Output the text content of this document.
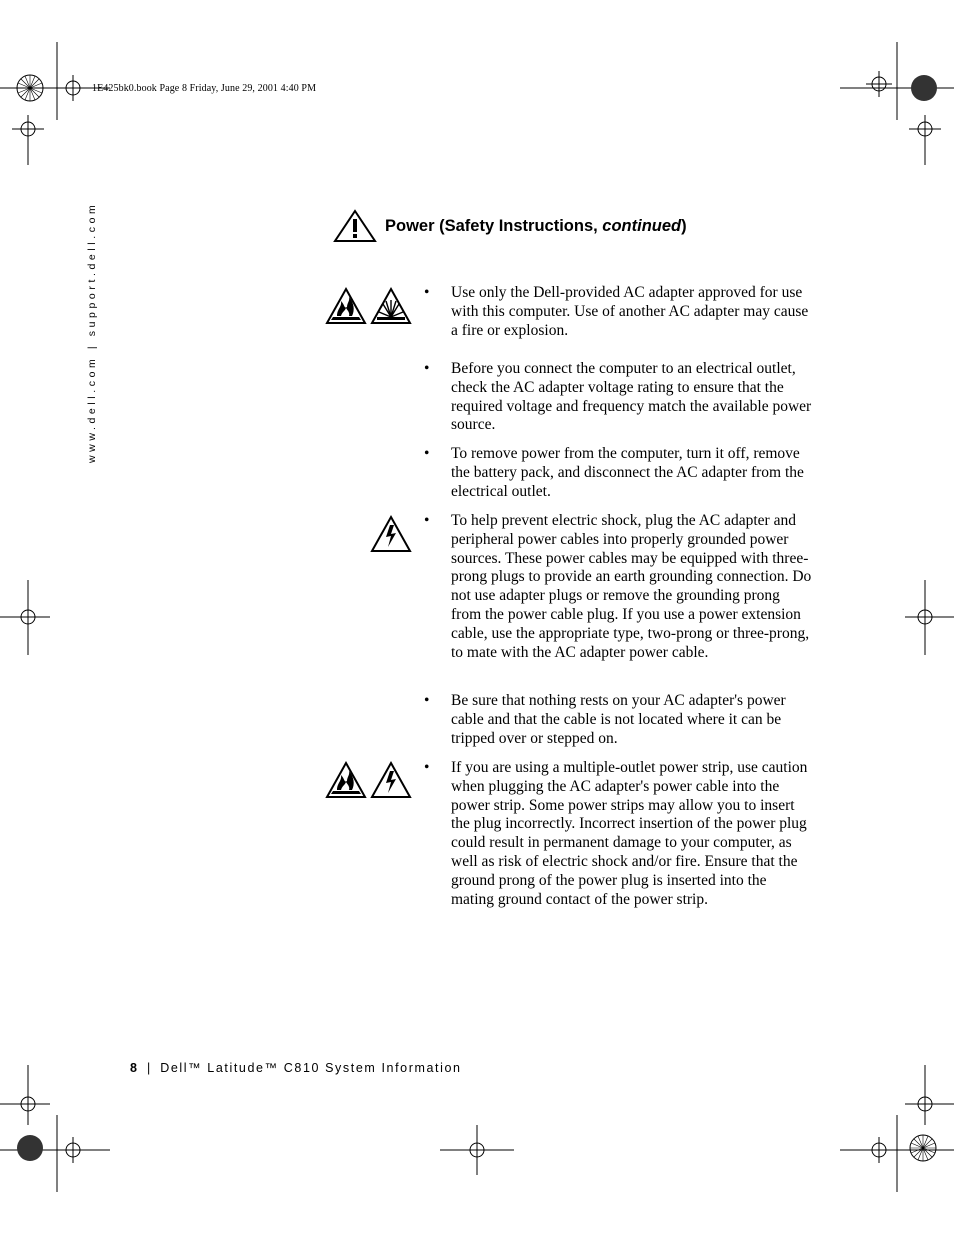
1E425bk0.book Page 8 Friday, June 29, 2001 4:40 PM
www.dell.com | support.dell.com	Power (Safety Instructions, continued)
• Use only the Dell-provided AC adapter approved for use with this computer. Use of another AC adapter may cause a fire or explosion.
• Before you connect the computer to an electrical outlet, check the AC adapter voltage rating to ensure that the required voltage and frequency match the available power source.
• To remove power from the computer, turn it off, remove the battery pack, and disconnect the AC adapter from the electrical outlet.
• To help prevent electric shock, plug the AC adapter and peripheral power cables into properly grounded power sources. These power cables may be equipped with three-prong plugs to provide an earth grounding connection. Do not use adapter plugs or remove the grounding prong from the power cable plug. If you use a power extension cable, use the appropriate type, two-prong or three-prong, to mate with the AC adapter power cable.
• Be sure that nothing rests on your AC adapter's power cable and that the cable is not located where it can be tripped over or stepped on.
• If you are using a multiple-outlet power strip, use caution when plugging the AC adapter's power cable into the power strip. Some power strips may allow you to insert the plug incorrectly. Incorrect insertion of the power plug could result in permanent damage to your computer, as well as risk of electric shock and/or fire. Ensure that the ground prong of the power plug is inserted into the mating ground contact of the power strip.
8 | Dell™ Latitude™ C810 System Information
